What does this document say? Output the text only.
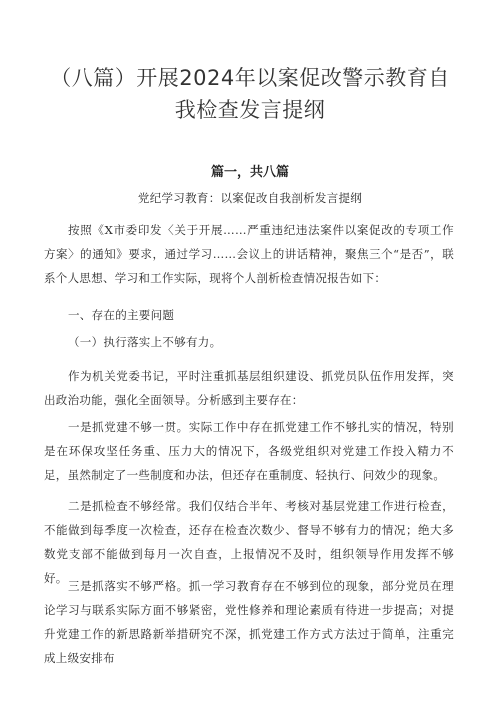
（八篇）开展2024年以案促改警示教育自我检查发言提纲
篇一，共八篇
党纪学习教育：以案促改自我剖析发言提纲
按照《X市委印发〈关于开展……严重违纪违法案件以案促改的专项工作方案〉的通知》要求，通过学习……会议上的讲话精神，聚焦三个“是否”，联系个人思想、学习和工作实际，现将个人剖析检查情况报告如下：
一、存在的主要问题
（一）执行落实上不够有力。
作为机关党委书记，平时注重抓基层组织建设、抓党员队伍作用发挥，突出政治功能，强化全面领导。分析感到主要存在：
一是抓党建不够一贯。实际工作中存在抓党建工作不够扎实的情况，特别是在环保攻坚任务重、压力大的情况下，各级党组织对党建工作投入精力不足，虽然制定了一些制度和办法，但还存在重制度、轻执行、问效少的现象。
二是抓检查不够经常。我们仅结合半年、考核对基层党建工作进行检查，不能做到每季度一次检查，还存在检查次数少、督导不够有力的情况；绝大多数党支部不能做到每月一次自查，上报情况不及时，组织领导作用发挥不够好。
三是抓落实不够严格。抓一学习教育存在不够到位的现象，部分党员在理论学习与联系实际方面不够紧密，党性修养和理论素质有待进一步提高；对提升党建工作的新思路新举措研究不深，抓党建工作方式方法过于简单，注重完成上级安排布
